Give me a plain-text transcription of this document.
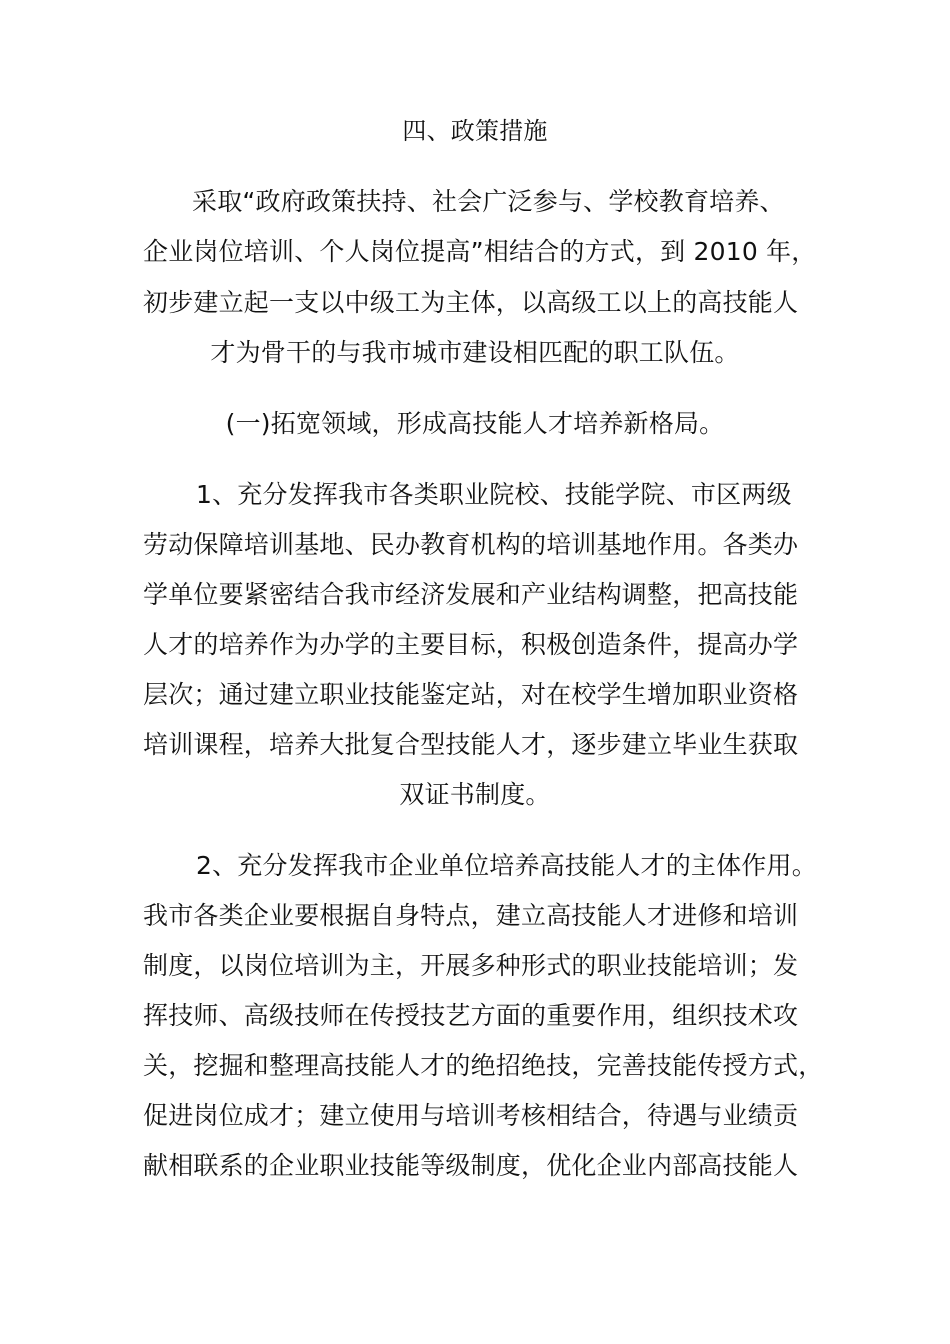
四、政策措施
采取“政府政策扶持、社会广泛参与、学校教育培养、
企业岗位培训、个人岗位提高”相结合的方式，到 2010 年，
初步建立起一支以中级工为主体，以高级工以上的高技能人
才为骨干的与我市城市建设相匹配的职工队伍。
(一)拓宽领域，形成高技能人才培养新格局。
1、充分发挥我市各类职业院校、技能学院、市区两级
劳动保障培训基地、民办教育机构的培训基地作用。各类办
学单位要紧密结合我市经济发展和产业结构调整，把高技能
人才的培养作为办学的主要目标，积极创造条件，提高办学
层次；通过建立职业技能鉴定站，对在校学生增加职业资格
培训课程，培养大批复合型技能人才，逐步建立毕业生获取
双证书制度。
2、充分发挥我市企业单位培养高技能人才的主体作用。
我市各类企业要根据自身特点，建立高技能人才进修和培训
制度，以岗位培训为主，开展多种形式的职业技能培训；发
挥技师、高级技师在传授技艺方面的重要作用，组织技术攻
关，挖掘和整理高技能人才的绝招绝技，完善技能传授方式，
促进岗位成才；建立使用与培训考核相结合，待遇与业绩贡
献相联系的企业职业技能等级制度，优化企业内部高技能人
